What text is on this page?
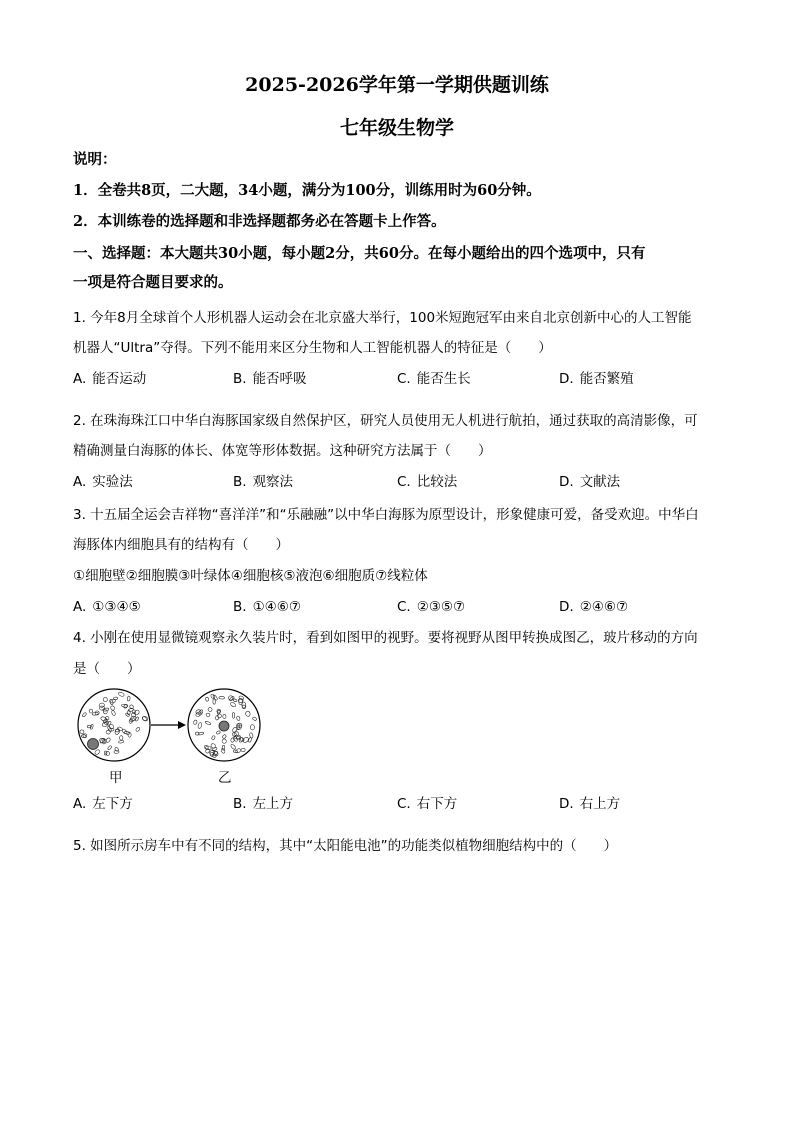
2025-2026学年第一学期供题训练
七年级生物学
说明：
1．全卷共8页，二大题，34小题，满分为100分，训练用时为60分钟。
2．本训练卷的选择题和非选择题都务必在答题卡上作答。
一、选择题：本大题共30小题，每小题2分，共60分。在每小题给出的四个选项中，只有
一项是符合题目要求的。
1. 今年8月全球首个人形机器人运动会在北京盛大举行，100米短跑冠军由来自北京创新中心的人工智能
机器人“Ultra”夺得。下列不能用来区分生物和人工智能机器人的特征是（　　）
A. 能否运动	B. 能否呼吸	C. 能否生长	D. 能否繁殖
2. 在珠海珠江口中华白海豚国家级自然保护区，研究人员使用无人机进行航拍，通过获取的高清影像，可
精确测量白海豚的体长、体宽等形体数据。这种研究方法属于（　　）
A. 实验法	B. 观察法	C. 比较法	D. 文献法
3. 十五届全运会吉祥物“喜洋洋”和“乐融融”以中华白海豚为原型设计，形象健康可爱，备受欢迎。中华白
海豚体内细胞具有的结构有（　　）
①细胞壁②细胞膜③叶绿体④细胞核⑤液泡⑥细胞质⑦线粒体
A. ①③④⑤	B. ①④⑥⑦	C. ②③⑤⑦	D. ②④⑥⑦
4. 小刚在使用显微镜观察永久装片时，看到如图甲的视野。要将视野从图甲转换成图乙，玻片移动的方向
是（　　）
甲	乙
A. 左下方	B. 左上方	C. 右下方	D. 右上方
5. 如图所示房车中有不同的结构，其中“太阳能电池”的功能类似植物细胞结构中的（　　）
